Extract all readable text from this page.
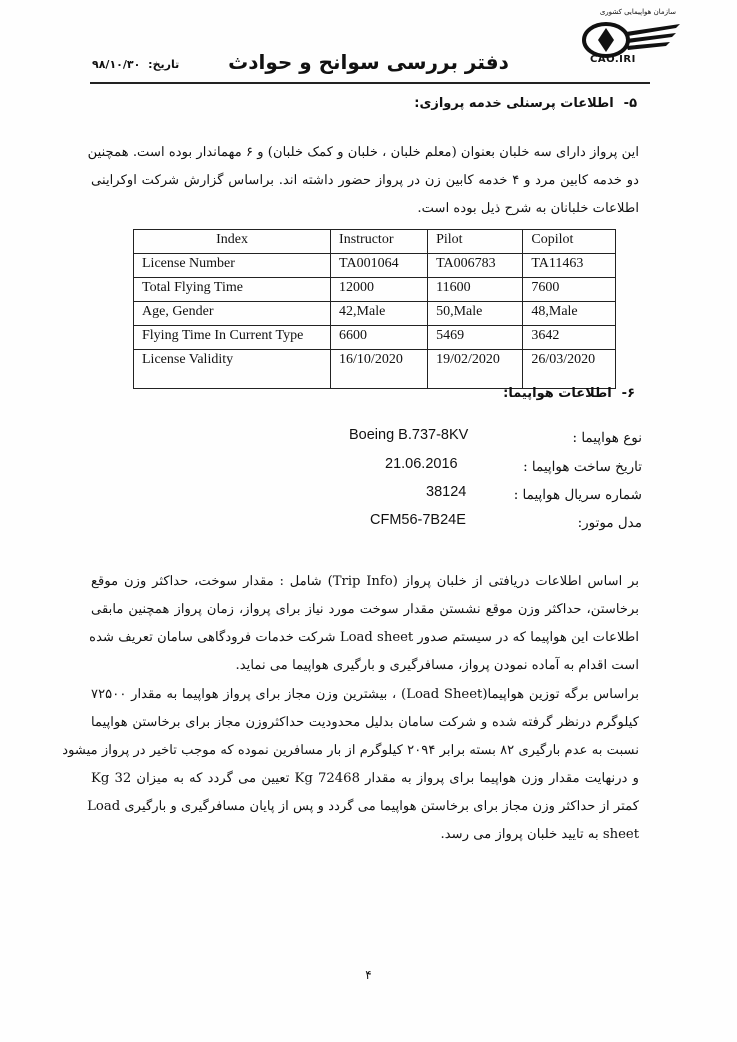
تاریخ: ۹۸/۱۰/۳۰	دفتر بررسی سوانح و حوادث
سازمان هواپیمایی کشوری
CAO.IRI
۵-اطلاعات پرسنلی خدمه پروازی:
این پرواز دارای سه خلبان بعنوان (معلم خلبان ، خلبان و کمک خلبان) و ۶ مهماندار بوده است. همچنین
دو خدمه کابین مرد و ۴ خدمه کابین زن در پرواز حضور داشته اند. براساس گزارش شرکت اوکراینی
اطلاعات خلبانان به شرح ذیل بوده است.
Index	Instructor	Pilot	Copilot
License Number	TA001064	TA006783	TA11463
Total Flying Time	12000	11600	7600
Age, Gender	42,Male	50,Male	48,Male
Flying Time In Current Type	6600	5469	3642
License Validity	16/10/2020	19/02/2020	26/03/2020
۶-اطلاعات هواپیما:
نوع هواپیما :
Boeing B.737-8KV
تاریخ ساخت هواپیما :
21.06.2016
شماره سریال هواپیما :
38124
مدل موتور:
CFM56-7B24E
بر اساس اطلاعات دریافتی از خلبان پرواز (Trip Info) شامل : مقدار سوخت، حداکثر وزن موقع
برخاستن، حداکثر وزن موقع نشستن مقدار سوخت مورد نیاز برای پرواز، زمان پرواز همچنین مابقی
اطلاعات این هواپیما که در سیستم صدور Load sheet شرکت خدمات فرودگاهی سامان تعریف شده
است اقدام به آماده نمودن پرواز، مسافرگیری و بارگیری هواپیما می نماید.
براساس برگه توزین هواپیما(Load Sheet) ، بیشترین وزن مجاز برای پرواز هواپیما به مقدار ۷۲۵۰۰
کیلوگرم درنظر گرفته شده و شرکت سامان بدلیل محدودیت حداکثروزن مجاز برای برخاستن هواپیما
نسبت به عدم بارگیری ۸۲ بسته برابر ۲۰۹۴ کیلوگرم از بار مسافرین نموده که موجب تاخیر در پرواز میشود
و درنهایت مقدار وزن هواپیما برای پرواز به مقدار 72468 Kg تعیین می گردد که به میزان 32 Kg
کمتر از حداکثر وزن مجاز برای برخاستن هواپیما می گردد و پس از پایان مسافرگیری و بارگیری Load
sheet به تایید خلبان پرواز می رسد.
۴
